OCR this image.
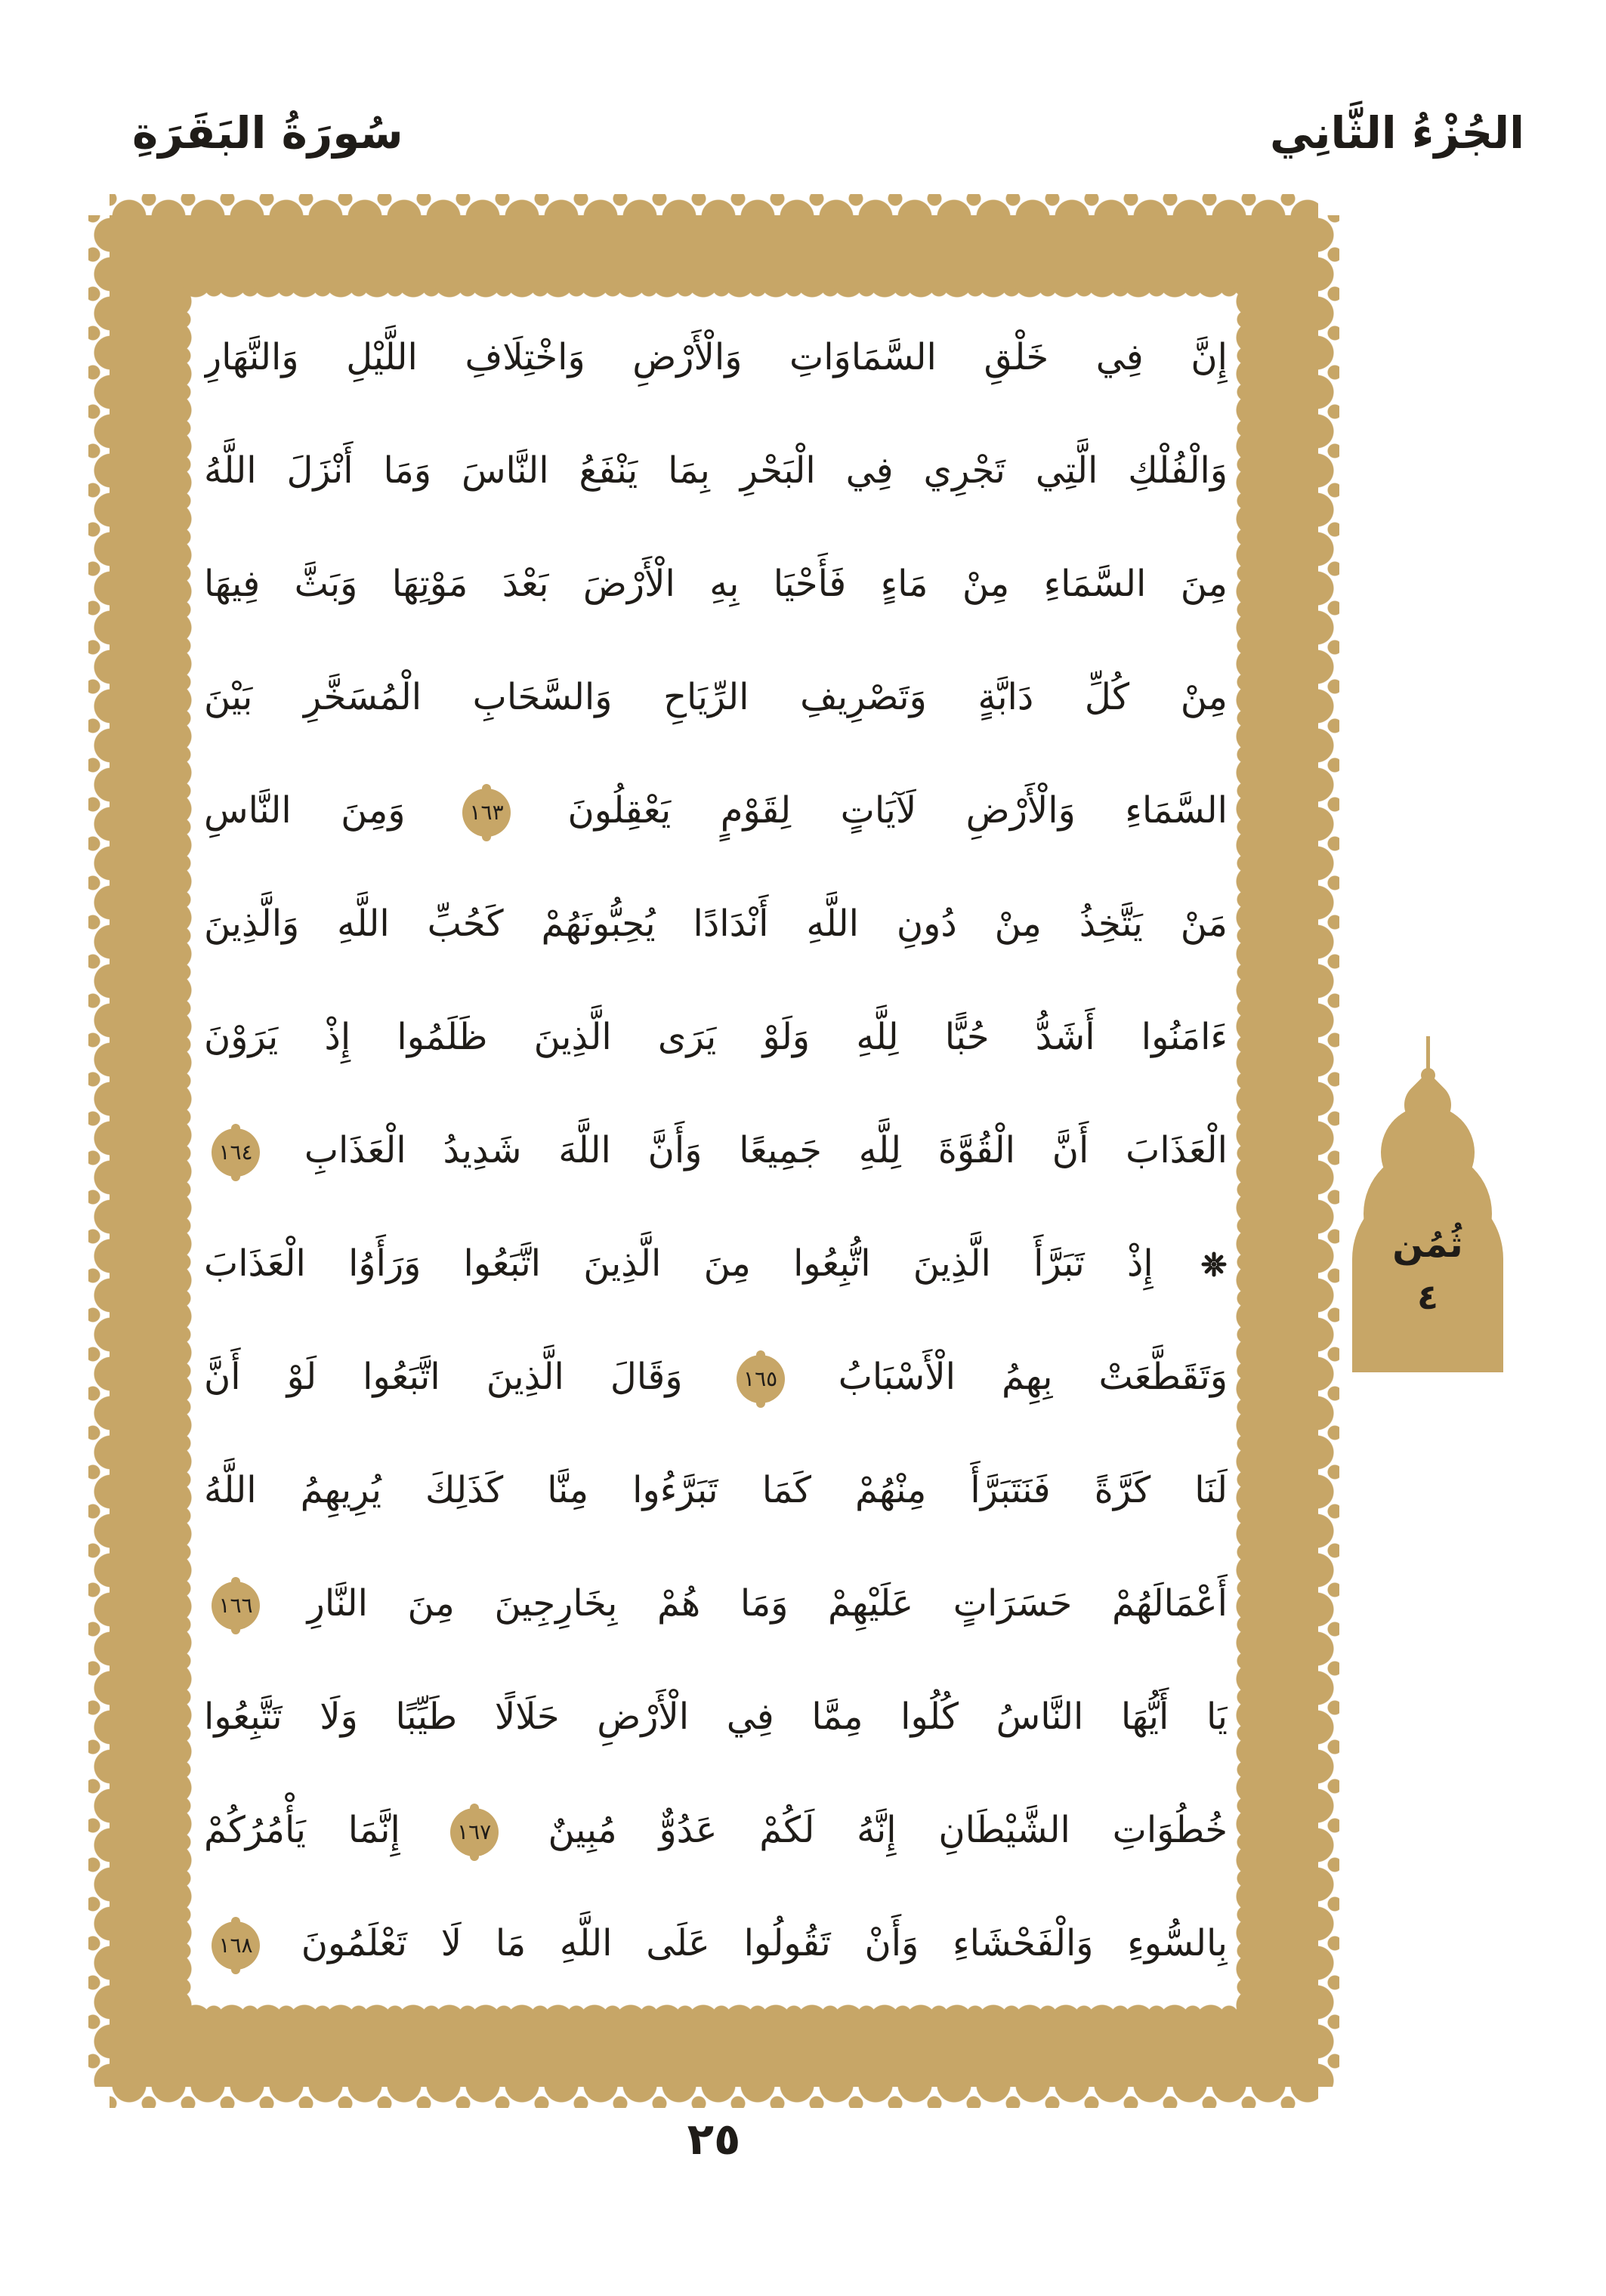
سُورَةُ البَقَرَةِ	الجُزْءُ الثَّانِي
إِنَّ فِي خَلْقِ السَّمَاوَاتِ وَالْأَرْضِ وَاخْتِلَافِ اللَّيْلِ وَالنَّهَارِ
وَالْفُلْكِ الَّتِي تَجْرِي فِي الْبَحْرِ بِمَا يَنْفَعُ النَّاسَ وَمَا أَنْزَلَ اللَّهُ
مِنَ السَّمَاءِ مِنْ مَاءٍ فَأَحْيَا بِهِ الْأَرْضَ بَعْدَ مَوْتِهَا وَبَثَّ فِيهَا
مِنْ كُلِّ دَابَّةٍ وَتَصْرِيفِ الرِّيَاحِ وَالسَّحَابِ الْمُسَخَّرِ بَيْنَ
السَّمَاءِ وَالْأَرْضِ لَآيَاتٍ لِقَوْمٍ يَعْقِلُونَ ١٦٣ وَمِنَ النَّاسِ
مَنْ يَتَّخِذُ مِنْ دُونِ اللَّهِ أَنْدَادًا يُحِبُّونَهُمْ كَحُبِّ اللَّهِ وَالَّذِينَ
ءَامَنُوا أَشَدُّ حُبًّا لِلَّهِ وَلَوْ يَرَى الَّذِينَ ظَلَمُوا إِذْ يَرَوْنَ
الْعَذَابَ أَنَّ الْقُوَّةَ لِلَّهِ جَمِيعًا وَأَنَّ اللَّهَ شَدِيدُ الْعَذَابِ ١٦٤
إِذْ تَبَرَّأَ الَّذِينَ اتُّبِعُوا مِنَ الَّذِينَ اتَّبَعُوا وَرَأَوُا الْعَذَابَ
وَتَقَطَّعَتْ بِهِمُ الْأَسْبَابُ ١٦٥ وَقَالَ الَّذِينَ اتَّبَعُوا لَوْ أَنَّ
لَنَا كَرَّةً فَنَتَبَرَّأَ مِنْهُمْ كَمَا تَبَرَّءُوا مِنَّا كَذَلِكَ يُرِيهِمُ اللَّهُ
أَعْمَالَهُمْ حَسَرَاتٍ عَلَيْهِمْ وَمَا هُمْ بِخَارِجِينَ مِنَ النَّارِ ١٦٦
يَا أَيُّهَا النَّاسُ كُلُوا مِمَّا فِي الْأَرْضِ حَلَالًا طَيِّبًا وَلَا تَتَّبِعُوا
خُطُوَاتِ الشَّيْطَانِ إِنَّهُ لَكُمْ عَدُوٌّ مُبِينٌ ١٦٧ إِنَّمَا يَأْمُرُكُمْ
بِالسُّوءِ وَالْفَحْشَاءِ وَأَنْ تَقُولُوا عَلَى اللَّهِ مَا لَا تَعْلَمُونَ ١٦٨
ثُمُن
٤
٢٥
